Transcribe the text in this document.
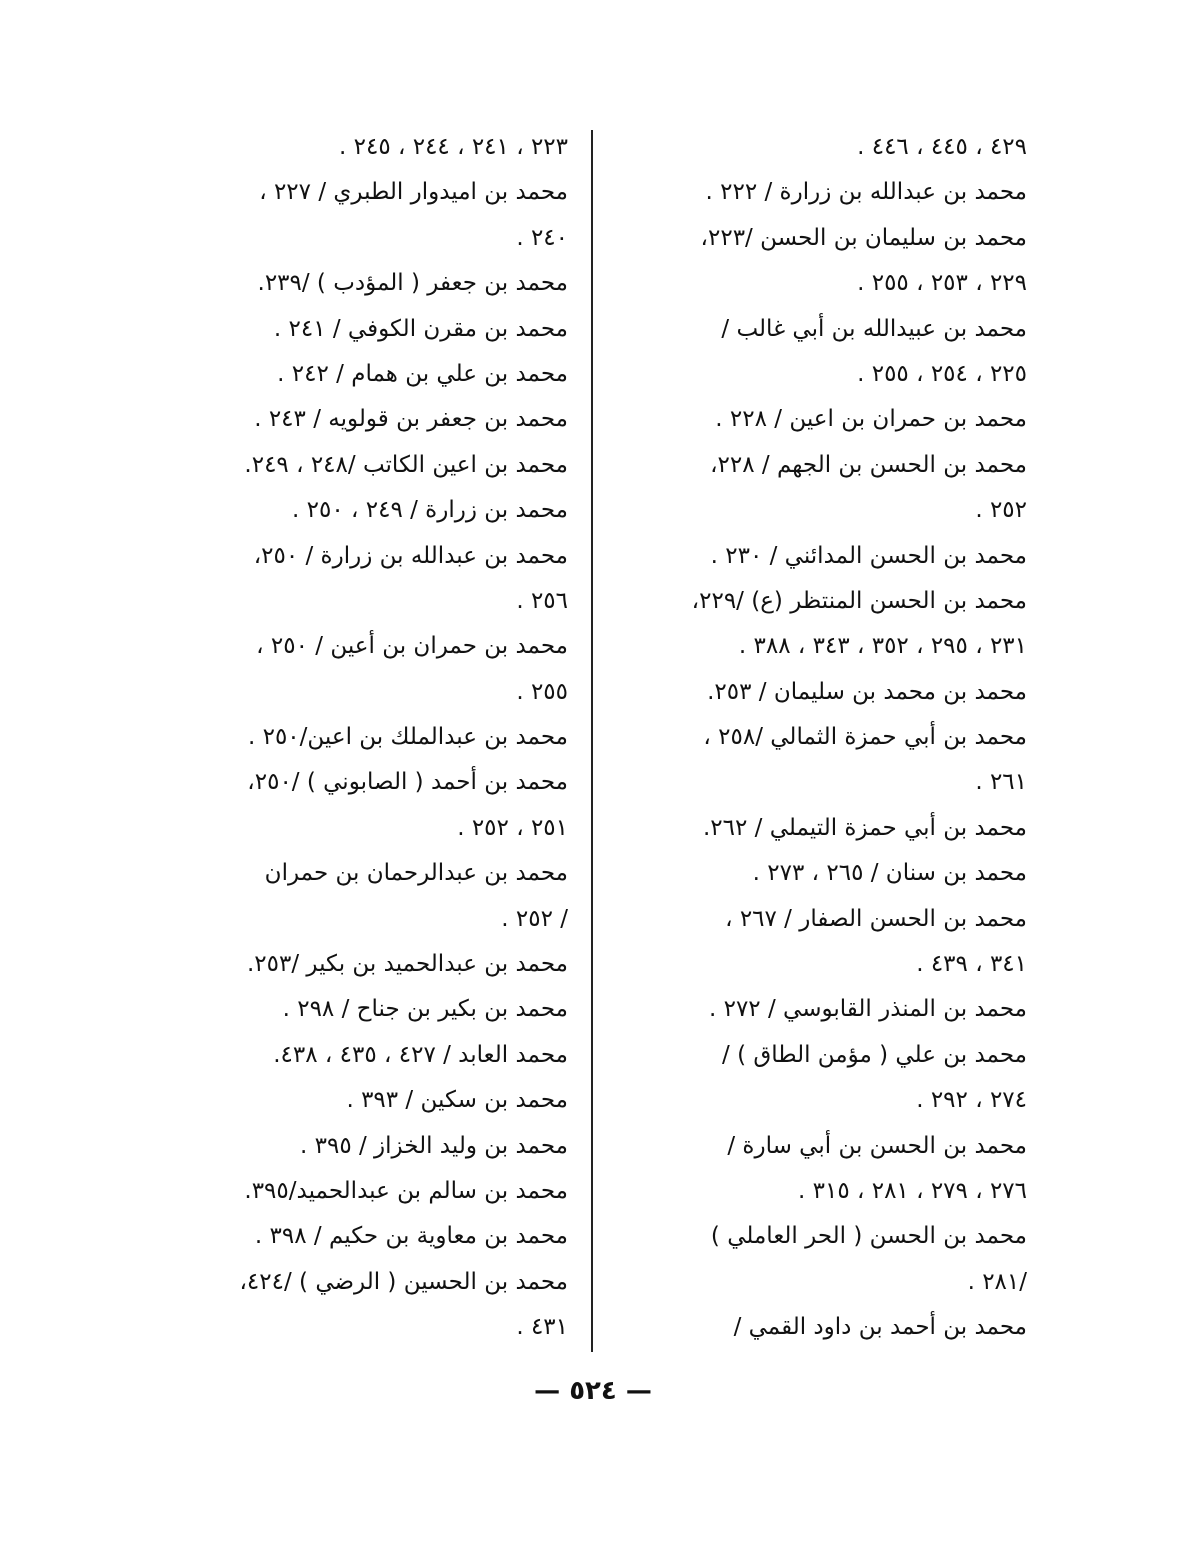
٤٢٩ ، ٤٤٥ ، ٤٤٦ .
محمد بن عبدالله بن زرارة / ٢٢٢ .
محمد بن سليمان بن الحسن /٢٢٣،
٢٢٩ ، ٢٥٣ ، ٢٥٥ .
محمد بن عبيدالله بن أبي غالب /
٢٢٥ ، ٢٥٤ ، ٢٥٥ .
محمد بن حمران بن اعين / ٢٢٨ .
محمد بن الحسن بن الجهم / ٢٢٨،
٢٥٢ .
محمد بن الحسن المدائني / ٢٣٠ .
محمد بن الحسن المنتظر (ع) /٢٢٩،
٢٣١ ، ٢٩٥ ، ٣٥٢ ، ٣٤٣ ، ٣٨٨ .
محمد بن محمد بن سليمان / ٢٥٣.
محمد بن أبي حمزة الثمالي /٢٥٨ ،
٢٦١ .
محمد بن أبي حمزة التيملي / ٢٦٢.
محمد بن سنان / ٢٦٥ ، ٢٧٣ .
محمد بن الحسن الصفار / ٢٦٧ ،
٣٤١ ، ٤٣٩ .
محمد بن المنذر القابوسي / ٢٧٢ .
محمد بن علي ( مؤمن الطاق ) /
٢٧٤ ، ٢٩٢ .
محمد بن الحسن بن أبي سارة /
٢٧٦ ، ٢٧٩ ، ٢٨١ ، ٣١٥ .
محمد بن الحسن ( الحر العاملي )
/٢٨١ .
محمد بن أحمد بن داود القمي /
٢٢٣ ، ٢٤١ ، ٢٤٤ ، ٢٤٥ .
محمد بن اميدوار الطبري / ٢٢٧ ،
٢٤٠ .
محمد بن جعفر ( المؤدب ) /٢٣٩.
محمد بن مقرن الكوفي / ٢٤١ .
محمد بن علي بن همام / ٢٤٢ .
محمد بن جعفر بن قولويه / ٢٤٣ .
محمد بن اعين الكاتب /٢٤٨ ، ٢٤٩.
محمد بن زرارة / ٢٤٩ ، ٢٥٠ .
محمد بن عبدالله بن زرارة / ٢٥٠،
٢٥٦ .
محمد بن حمران بن أعين / ٢٥٠ ،
٢٥٥ .
محمد بن عبدالملك بن اعين/٢٥٠ .
محمد بن أحمد ( الصابوني ) /٢٥٠،
٢٥١ ، ٢٥٢ .
محمد بن عبدالرحمان بن حمران
/ ٢٥٢ .
محمد بن عبدالحميد بن بكير /٢٥٣.
محمد بن بكير بن جناح / ٢٩٨ .
محمد العابد / ٤٢٧ ، ٤٣٥ ، ٤٣٨.
محمد بن سكين / ٣٩٣ .
محمد بن وليد الخزاز / ٣٩٥ .
محمد بن سالم بن عبدالحميد/٣٩٥.
محمد بن معاوية بن حكيم / ٣٩٨ .
محمد بن الحسين ( الرضي ) /٤٢٤،
٤٣١ .
— ٥٢٤ —
